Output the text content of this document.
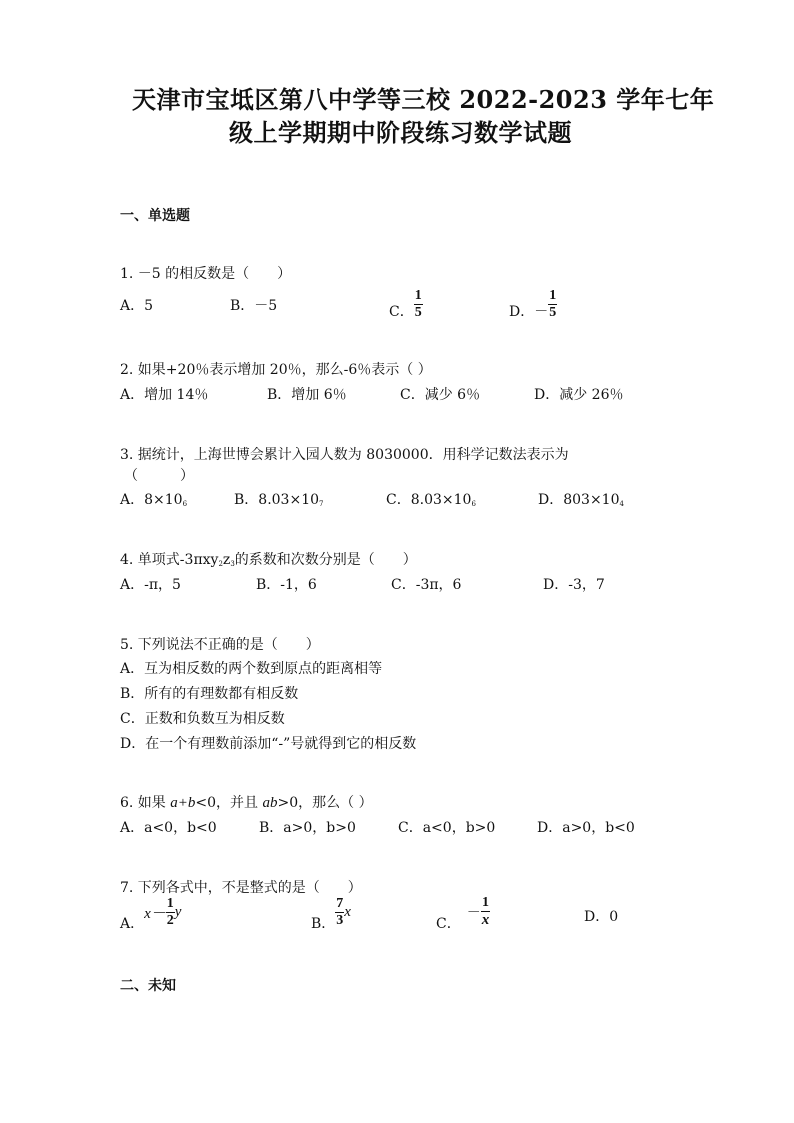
天津市宝坻区第八中学等三校 2022-2023 学年七年
级上学期期中阶段练习数学试题
一、单选题
1. －5 的相反数是（　　）
A．5	B．－5	C． $\frac{1}{5}$	D．－ $\frac{1}{5}$
2. 如果+20％表示增加 20％，那么-6％表示（ ）
A．增加 14％	B．增加 6％	C．减少 6％	D．减少 26％
3. 据统计，上海世博会累计入园人数为 8030000．用科学记数法表示为
（　　　）
A．8×106	B．8.03×107	C．8.03×106	D．803×104
4. 单项式-3πxy2z3的系数和次数分别是（　　）
A．-π，5	B．-1，6	C．-3π，6	D．-3，7
5. 下列说法不正确的是（　　）
A．互为相反数的两个数到原点的距离相等
B．所有的有理数都有相反数
C．正数和负数互为相反数
D．在一个有理数前添加“-”号就得到它的相反数
6. 如果 a+b<0，并且 ab>0，那么（ ）
A．a<0，b<0	B．a>0，b>0	C．a<0，b>0	D．a>0，b<0
7. 下列各式中，不是整式的是（　　）
A．
$x- \frac{1}{2}$ y
B． $\frac{7}{3}$ x
C．
－ $\frac{1}{x}$	D．0
二、未知
